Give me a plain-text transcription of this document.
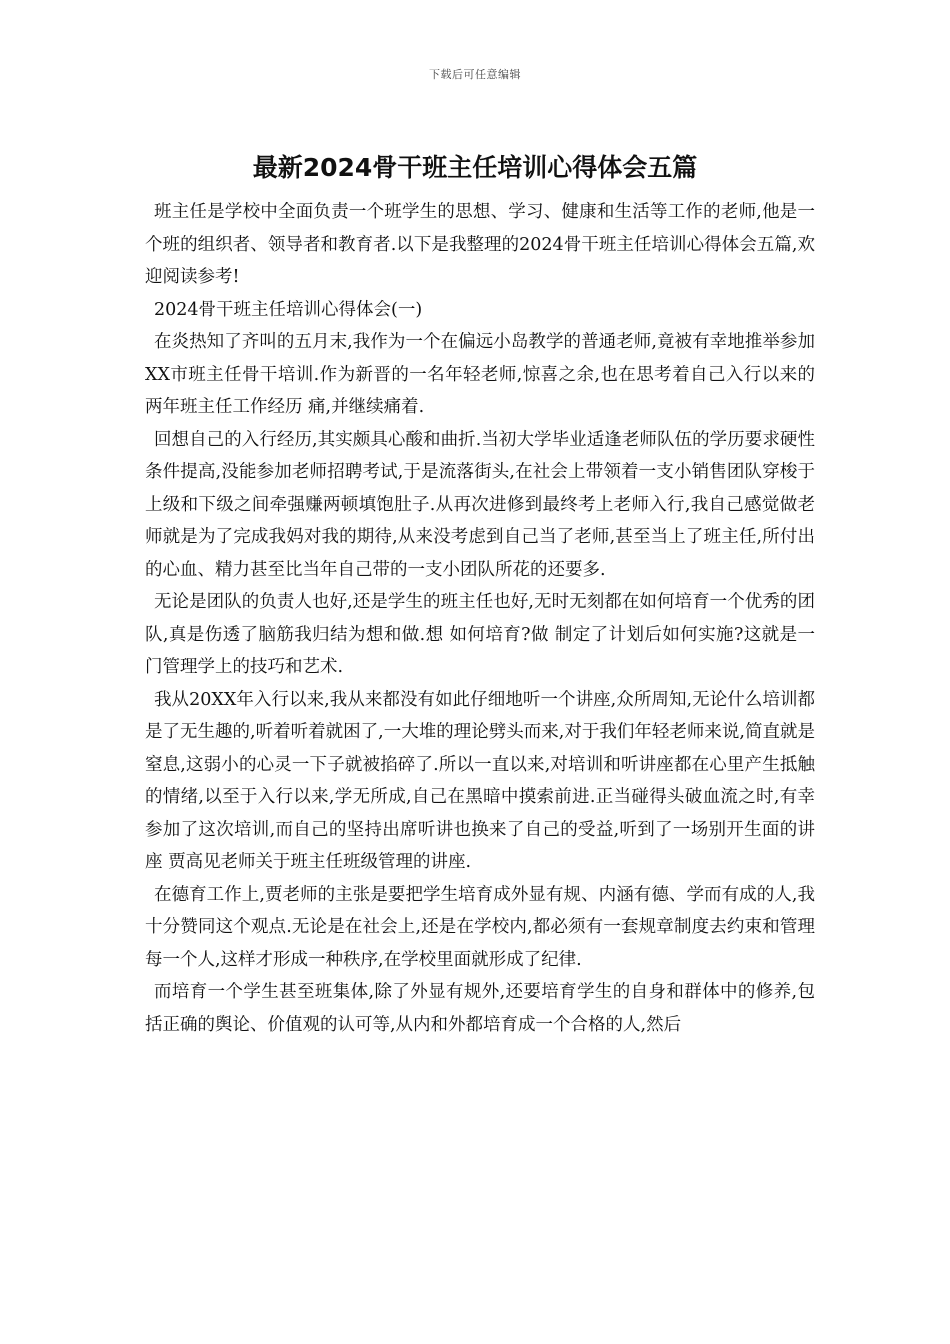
下载后可任意编辑
最新2024骨干班主任培训心得体会五篇

班主任是学校中全面负责一个班学生的思想、学习、健康和生活等工作的老师,他是一个班的组织者、领导者和教育者.以下是我整理的2024骨干班主任培训心得体会五篇,欢迎阅读参考!

2024骨干班主任培训心得体会(一)

在炎热知了齐叫的五月末,我作为一个在偏远小岛教学的普通老师,竟被有幸地推举参加XX市班主任骨干培训.作为新晋的一名年轻老师,惊喜之余,也在思考着自己入行以来的两年班主任工作经历 痛,并继续痛着.

回想自己的入行经历,其实颇具心酸和曲折.当初大学毕业适逢老师队伍的学历要求硬性条件提高,没能参加老师招聘考试,于是流落街头,在社会上带领着一支小销售团队穿梭于上级和下级之间牵强赚两顿填饱肚子.从再次进修到最终考上老师入行,我自己感觉做老师就是为了完成我妈对我的期待,从来没考虑到自己当了老师,甚至当上了班主任,所付出的心血、精力甚至比当年自己带的一支小团队所花的还要多.

无论是团队的负责人也好,还是学生的班主任也好,无时无刻都在如何培育一个优秀的团队,真是伤透了脑筋我归结为想和做.想 如何培育?做 制定了计划后如何实施?这就是一门管理学上的技巧和艺术.

我从20XX年入行以来,我从来都没有如此仔细地听一个讲座,众所周知,无论什么培训都是了无生趣的,听着听着就困了,一大堆的理论劈头而来,对于我们年轻老师来说,简直就是窒息,这弱小的心灵一下子就被掐碎了.所以一直以来,对培训和听讲座都在心里产生抵触的情绪,以至于入行以来,学无所成,自己在黑暗中摸索前进.正当碰得头破血流之时,有幸参加了这次培训,而自己的坚持出席听讲也换来了自己的受益,听到了一场别开生面的讲座 贾高见老师关于班主任班级管理的讲座.

在德育工作上,贾老师的主张是要把学生培育成外显有规、内涵有德、学而有成的人,我十分赞同这个观点.无论是在社会上,还是在学校内,都必须有一套规章制度去约束和管理每一个人,这样才形成一种秩序,在学校里面就形成了纪律.

而培育一个学生甚至班集体,除了外显有规外,还要培育学生的自身和群体中的修养,包括正确的舆论、价值观的认可等,从内和外都培育成一个合格的人,然后
